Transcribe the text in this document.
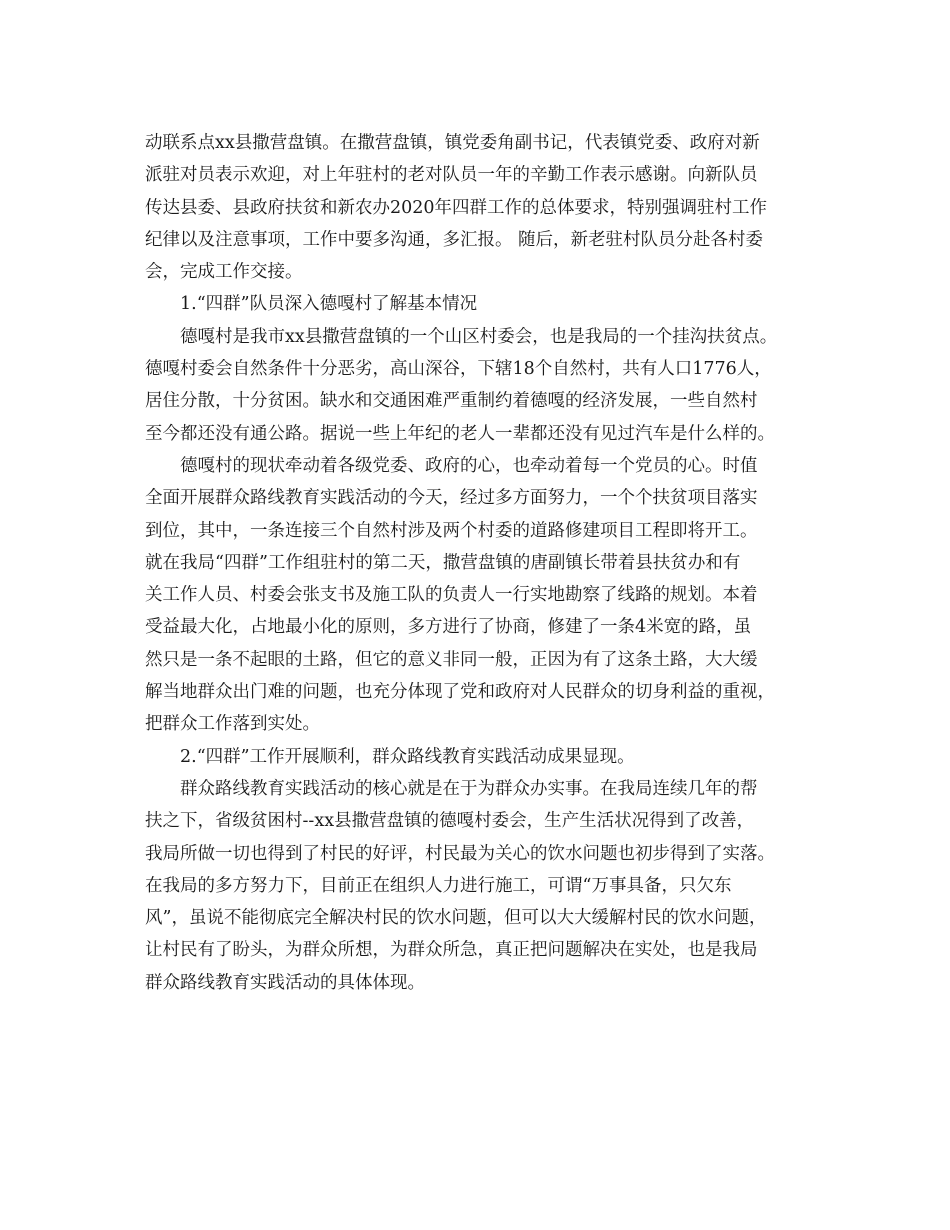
动联系点xx县撒营盘镇。在撒营盘镇，镇党委角副书记，代表镇党委、政府对新
派驻对员表示欢迎，对上年驻村的老对队员一年的辛勤工作表示感谢。向新队员
传达县委、县政府扶贫和新农办2020年四群工作的总体要求，特别强调驻村工作
纪律以及注意事项，工作中要多沟通，多汇报。 随后，新老驻村队员分赴各村委
会，完成工作交接。
1.“四群”队员深入德嘎村了解基本情况
德嘎村是我市xx县撒营盘镇的一个山区村委会，也是我局的一个挂沟扶贫点。
德嘎村委会自然条件十分恶劣，高山深谷，下辖18个自然村，共有人口1776人，
居住分散，十分贫困。缺水和交通困难严重制约着德嘎的经济发展，一些自然村
至今都还没有通公路。据说一些上年纪的老人一辈都还没有见过汽车是什么样的。
德嘎村的现状牵动着各级党委、政府的心，也牵动着每一个党员的心。时值
全面开展群众路线教育实践活动的今天，经过多方面努力，一个个扶贫项目落实
到位，其中，一条连接三个自然村涉及两个村委的道路修建项目工程即将开工。
就在我局“四群”工作组驻村的第二天，撒营盘镇的唐副镇长带着县扶贫办和有
关工作人员、村委会张支书及施工队的负责人一行实地勘察了线路的规划。本着
受益最大化，占地最小化的原则，多方进行了协商，修建了一条4米宽的路，虽
然只是一条不起眼的土路，但它的意义非同一般，正因为有了这条土路，大大缓
解当地群众出门难的问题，也充分体现了党和政府对人民群众的切身利益的重视，
把群众工作落到实处。
2.“四群”工作开展顺利，群众路线教育实践活动成果显现。
群众路线教育实践活动的核心就是在于为群众办实事。在我局连续几年的帮
扶之下，省级贫困村--xx县撒营盘镇的德嘎村委会，生产生活状况得到了改善，
我局所做一切也得到了村民的好评，村民最为关心的饮水问题也初步得到了实落。
在我局的多方努力下，目前正在组织人力进行施工，可谓“万事具备，只欠东
风”，虽说不能彻底完全解决村民的饮水问题，但可以大大缓解村民的饮水问题，
让村民有了盼头，为群众所想，为群众所急，真正把问题解决在实处，也是我局
群众路线教育实践活动的具体体现。
